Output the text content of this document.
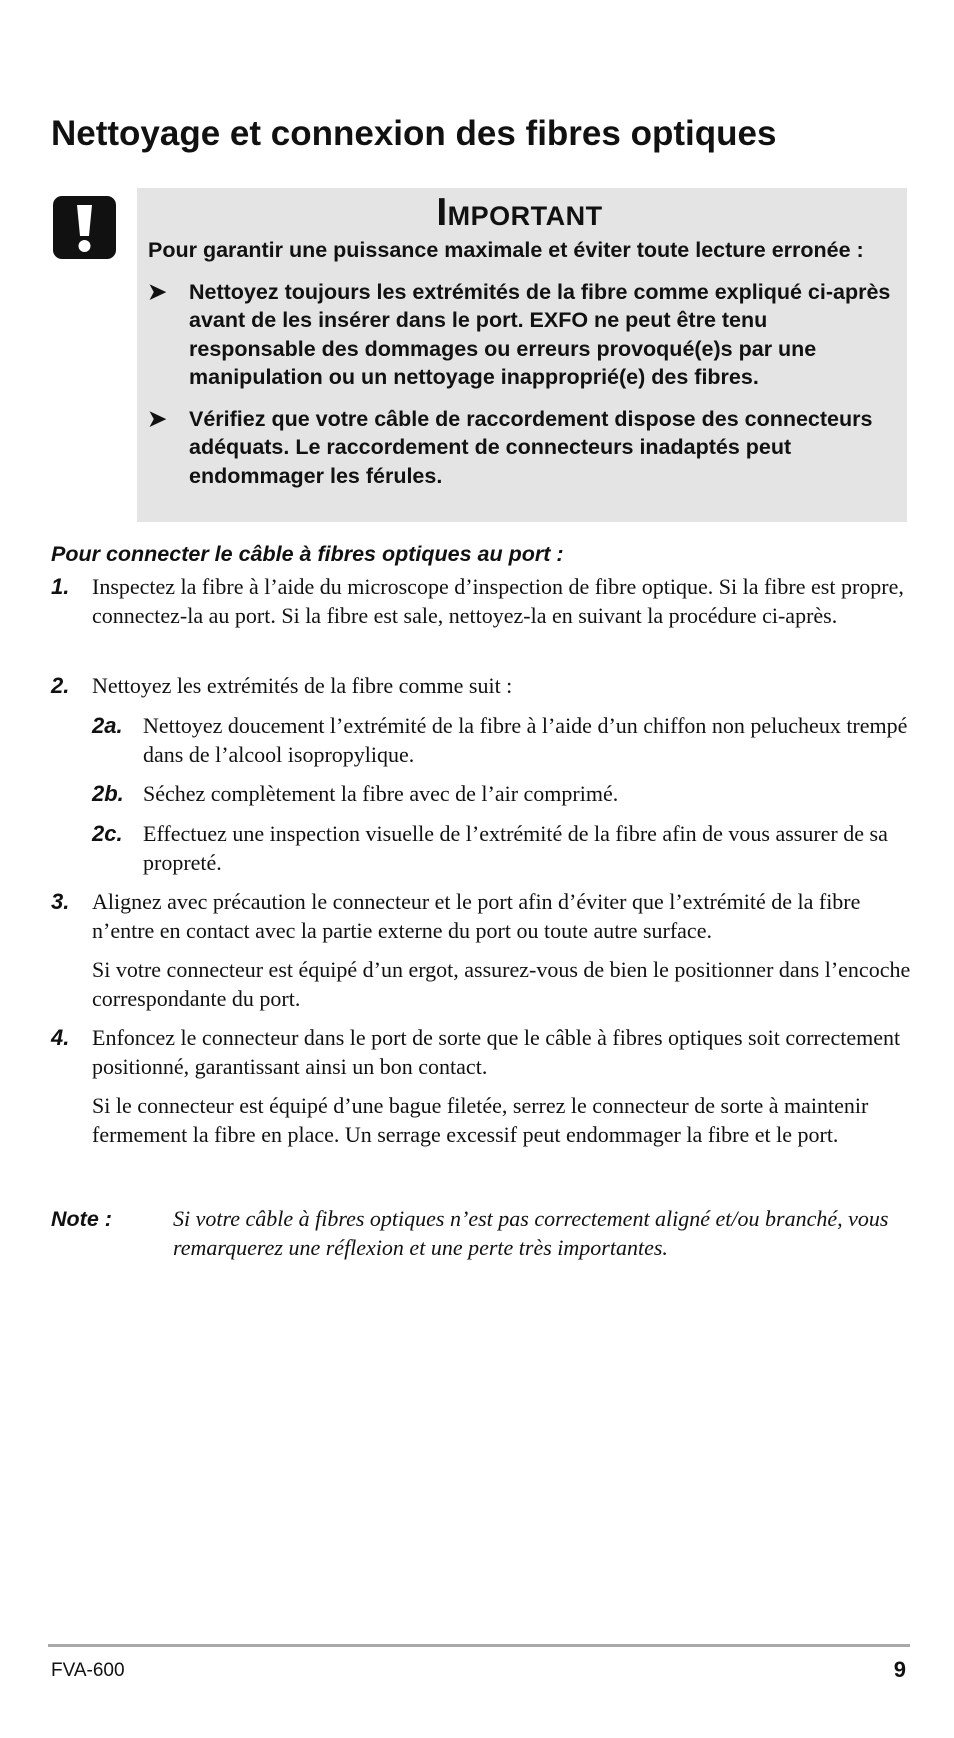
Nettoyage et connexion des fibres optiques
Important
Pour garantir une puissance maximale et éviter toute lecture erronée :
➤	Nettoyez toujours les extrémités de la fibre comme expliqué ci-après avant de les insérer dans le port. EXFO ne peut être tenu responsable des dommages ou erreurs provoqué(e)s par une manipulation ou un nettoyage inapproprié(e) des fibres.
➤	Vérifiez que votre câble de raccordement dispose des connecteurs adéquats. Le raccordement de connecteurs inadaptés peut endommager les férules.
Pour connecter le câble à fibres optiques au port :
1. Inspectez la fibre à l’aide du microscope d’inspection de fibre optique. Si la fibre est propre, connectez-la au port. Si la fibre est sale, nettoyez-la en suivant la procédure ci-après.
2. Nettoyez les extrémités de la fibre comme suit :
2a. Nettoyez doucement l’extrémité de la fibre à l’aide d’un chiffon non pelucheux trempé dans de l’alcool isopropylique.
2b. Séchez complètement la fibre avec de l’air comprimé.
2c. Effectuez une inspection visuelle de l’extrémité de la fibre afin de vous assurer de sa propreté.
3. Alignez avec précaution le connecteur et le port afin d’éviter que l’extrémité de la fibre n’entre en contact avec la partie externe du port ou toute autre surface.
Si votre connecteur est équipé d’un ergot, assurez-vous de bien le positionner dans l’encoche correspondante du port.
4. Enfoncez le connecteur dans le port de sorte que le câble à fibres optiques soit correctement positionné, garantissant ainsi un bon contact.
Si le connecteur est équipé d’une bague filetée, serrez le connecteur de sorte à maintenir fermement la fibre en place. Un serrage excessif peut endommager la fibre et le port.
Note :	Si votre câble à fibres optiques n’est pas correctement aligné et/ou branché, vous remarquerez une réflexion et une perte très importantes.
FVA-600	9
